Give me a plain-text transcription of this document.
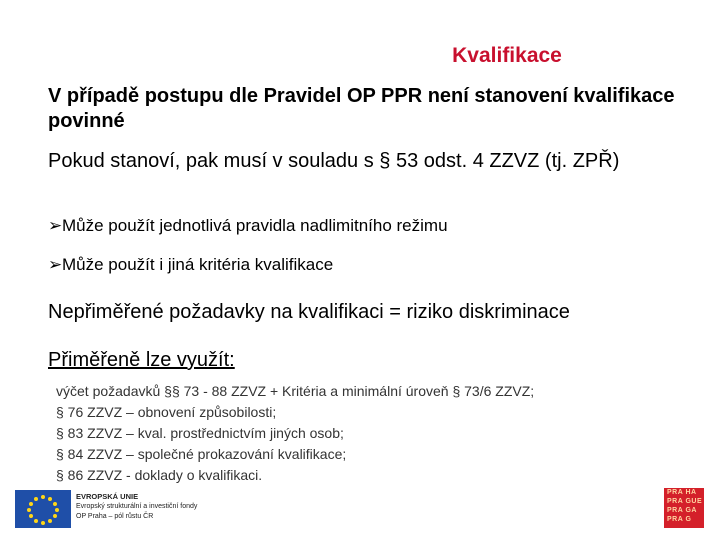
Kvalifikace
V případě postupu dle Pravidel OP PPR není stanovení kvalifikace povinné
Pokud stanoví, pak musí v souladu s § 53 odst. 4 ZZVZ (tj. ZPŘ)
➢Může použít jednotlivá pravidla nadlimitního režimu
➢Může použít i jiná kritéria kvalifikace
Nepřiměřené požadavky na kvalifikaci = riziko diskriminace
Přiměřeně lze využít:
výčet požadavků §§ 73 - 88 ZZVZ + Kritéria a minimální úroveň § 73/6 ZZVZ;
§ 76 ZZVZ – obnovení způsobilosti;
§ 83 ZZVZ – kval. prostřednictvím jiných osob;
§ 84 ZZVZ – společné prokazování kvalifikace;
§ 86 ZZVZ - doklady o kvalifikaci.
EVROPSKÁ UNIE
Evropský strukturální a investiční fondy
OP Praha – pól růstu ČR
PRA HA
PRA GUE
PRA GA
PRA G
